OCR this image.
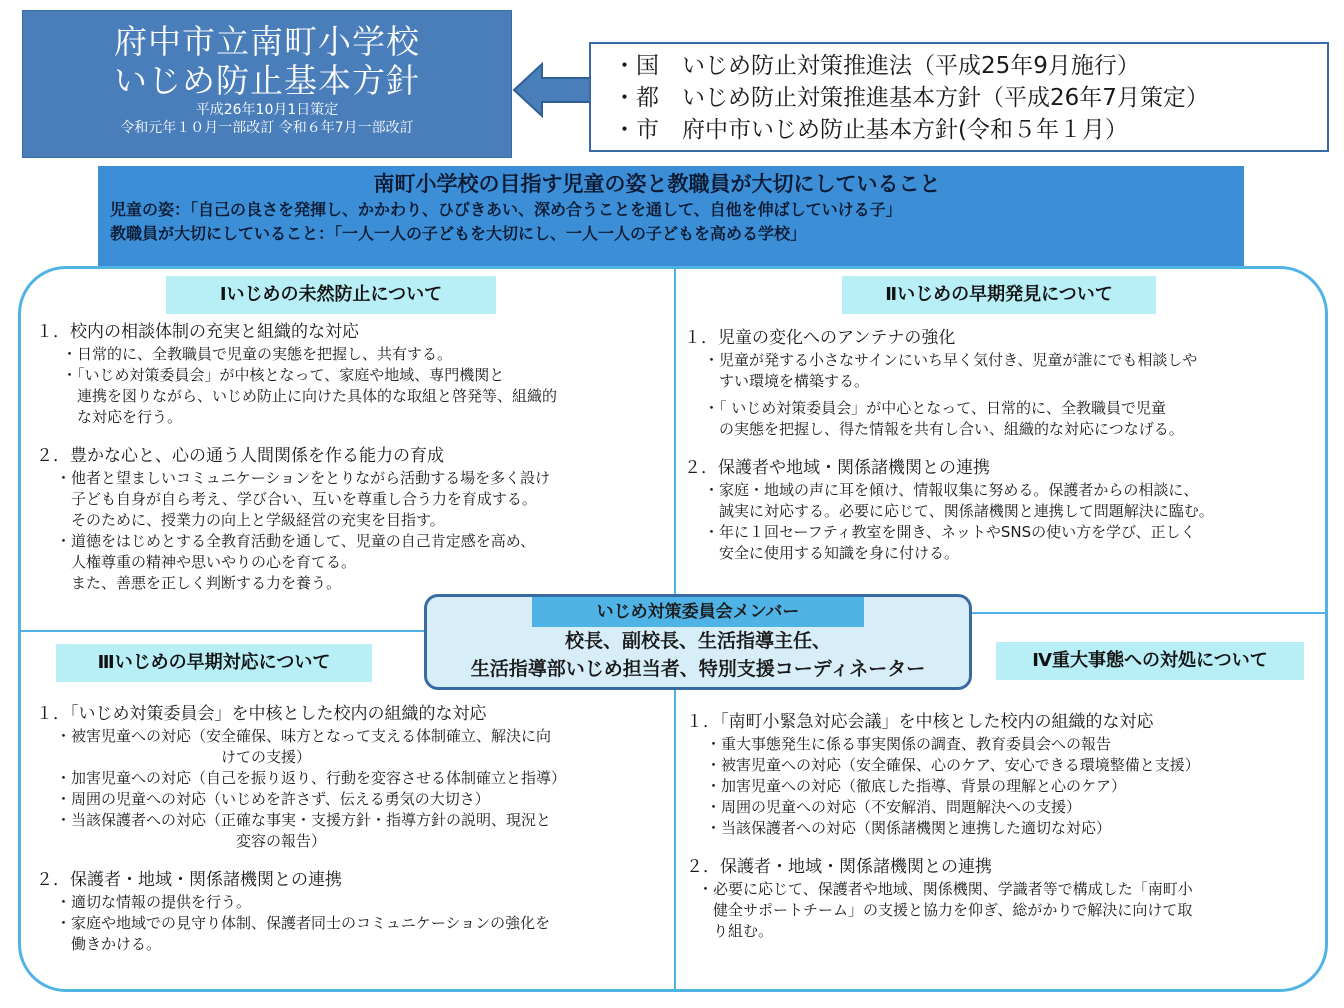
府中市立南町小学校
いじめ防止基本方針
平成26年10月1日策定
令和元年１０月一部改訂 令和６年7月一部改訂
・国　いじめ防止対策推進法（平成25年9月施行）
・都　いじめ防止対策推進基本方針（平成26年7月策定）
・市　府中市いじめ防止基本方針(令和５年１月）
南町小学校の目指す児童の姿と教職員が大切にしていること
児童の姿：「自己の良さを発揮し、かかわり、ひびきあい、深め合うことを通して、自他を伸ばしていける子」
教職員が大切にしていること：「一人一人の子どもを大切にし、一人一人の子どもを高める学校」
Ⅰいじめの未然防止について
１．校内の相談体制の充実と組織的な対応
・日常的に、全教職員で児童の実態を把握し、共有する。
・「いじめ対策委員会」が中核となって、家庭や地域、専門機関と
　連携を図りながら、いじめ防止に向けた具体的な取組と啓発等、組織的
　な対応を行う。
２．豊かな心と、心の通う人間関係を作る能力の育成
・他者と望ましいコミュニケーションをとりながら活動する場を多く設け
　子ども自身が自ら考え、学び合い、互いを尊重し合う力を育成する。
　そのために、授業力の向上と学級経営の充実を目指す。
・道徳をはじめとする全教育活動を通して、児童の自己肯定感を高め、
　人権尊重の精神や思いやりの心を育てる。
　また、善悪を正しく判断する力を養う。
Ⅱいじめの早期発見について
１．児童の変化へのアンテナの強化
・児童が発する小さなサインにいち早く気付き、児童が誰にでも相談しや
　すい環境を構築する。
・「 いじめ対策委員会」が中心となって、日常的に、全教職員で児童
　の実態を把握し、得た情報を共有し合い、組織的な対応につなげる。
２．保護者や地域・関係諸機関との連携
・家庭・地域の声に耳を傾け、情報収集に努める。保護者からの相談に、
　誠実に対応する。必要に応じて、関係諸機関と連携して問題解決に臨む。
・年に１回セーフティ教室を開き、ネットやSNSの使い方を学び、正しく
　安全に使用する知識を身に付ける。
Ⅲいじめの早期対応について
１．「いじめ対策委員会」を中核とした校内の組織的な対応
・被害児童への対応（安全確保、味方となって支える体制確立、解決に向
　　　　　　　　　　　けての支援）
・加害児童への対応（自己を振り返り、行動を変容させる体制確立と指導）
・周囲の児童への対応（いじめを許さず、伝える勇気の大切さ）
・当該保護者への対応（正確な事実・支援方針・指導方針の説明、現況と
　　　　　　　　　　　　変容の報告）
２．保護者・地域・関係諸機関との連携
・適切な情報の提供を行う。
・家庭や地域での見守り体制、保護者同士のコミュニケーションの強化を
　働きかける。
Ⅳ重大事態への対処について
１．「南町小緊急対応会議」を中核とした校内の組織的な対応
・重大事態発生に係る事実関係の調査、教育委員会への報告
・被害児童への対応（安全確保、心のケア、安心できる環境整備と支援）
・加害児童への対応（徹底した指導、背景の理解と心のケア）
・周囲の児童への対応（不安解消、問題解決への支援）
・当該保護者への対応（関係諸機関と連携した適切な対応）
２．保護者・地域・関係諸機関との連携
・必要に応じて、保護者や地域、関係機関、学識者等で構成した「南町小
　健全サポートチーム」の支援と協力を仰ぎ、総がかりで解決に向けて取
　り組む。
いじめ対策委員会メンバー
校長、副校長、生活指導主任、
生活指導部いじめ担当者、特別支援コーディネーター
